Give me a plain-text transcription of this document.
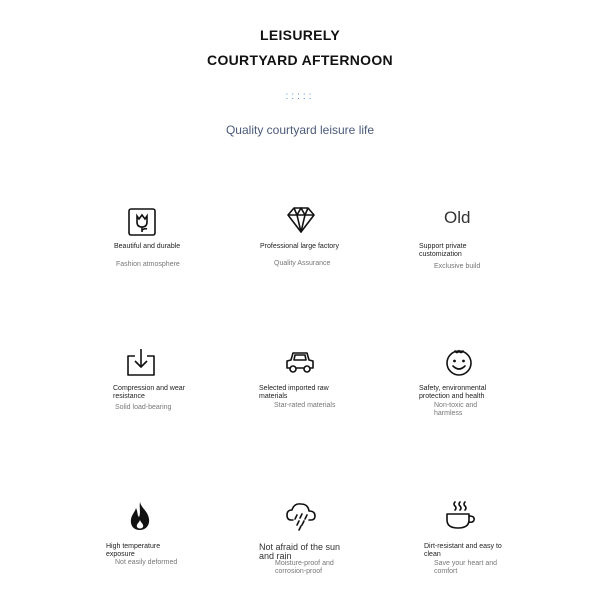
LEISURELY
COURTYARD AFTERNOON
:::::
Quality courtyard leisure life
Beautiful and durable
Fashion atmosphere
Professional large factory
Quality Assurance
Old
Support private customization
Exclusive build
Compression and wear resistance
Solid load-bearing
Selected imported raw materials
Star-rated materials
Safety, environmental protection and health
Non-toxic and harmless
High temperature exposure
Not easily deformed
Not afraid of the sun and rain
Moisture-proof and corrosion-proof
Dirt-resistant and easy to clean
Save your heart and comfort
